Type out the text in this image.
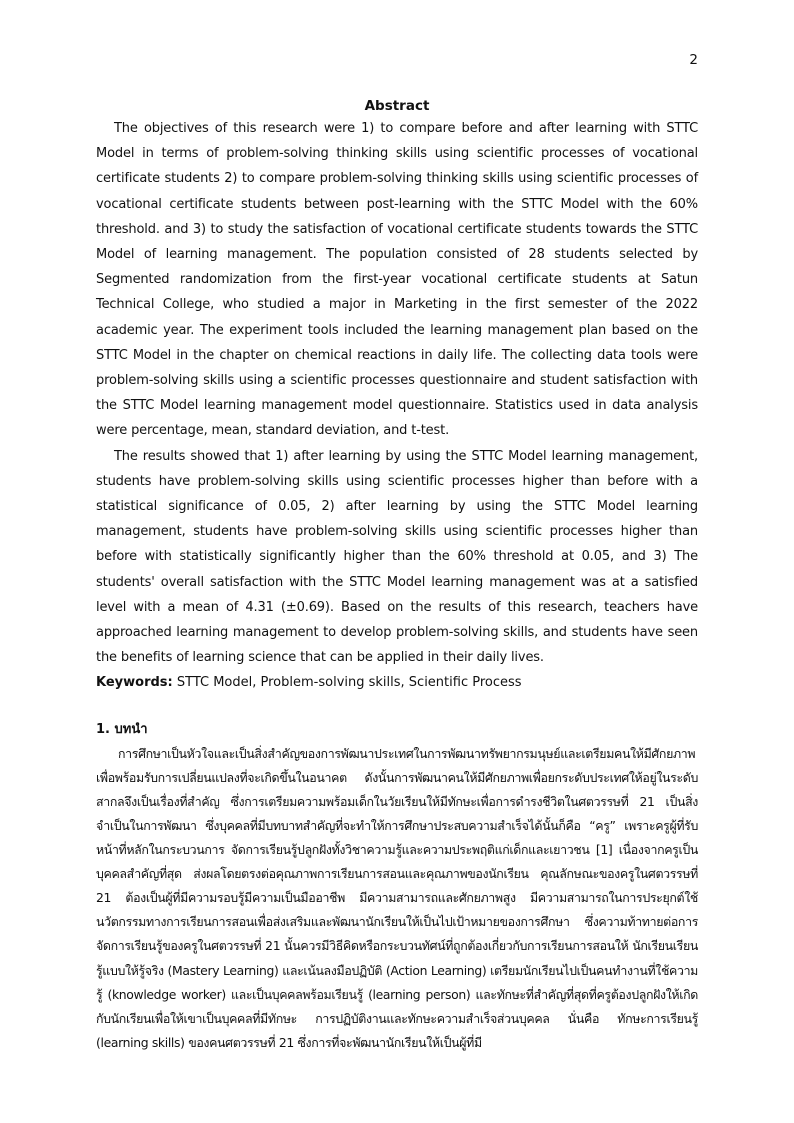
2
Abstract

The objectives of this research were 1) to compare before and after learning with STTC Model in terms of problem-solving thinking skills using scientific processes of vocational certificate students 2) to compare problem-solving thinking skills using scientific processes of vocational certificate students between post-learning with the STTC Model with the 60% threshold. and 3) to study the satisfaction of vocational certificate students towards the STTC Model of learning management. The population consisted of 28 students selected by Segmented randomization from the first-year vocational certificate students at Satun Technical College, who studied a major in Marketing in the first semester of the 2022 academic year. The experiment tools included the learning management plan based on the STTC Model in the chapter on chemical reactions in daily life. The collecting data tools were problem-solving skills using a scientific processes questionnaire and student satisfaction with the STTC Model learning management model questionnaire. Statistics used in data analysis were percentage, mean, standard deviation, and t-test.

The results showed that 1) after learning by using the STTC Model learning management, students have problem-solving skills using scientific processes higher than before with a statistical significance of 0.05, 2) after learning by using the STTC Model learning management, students have problem-solving skills using scientific processes higher than before with statistically significantly higher than the 60% threshold at 0.05, and 3) The students' overall satisfaction with the STTC Model learning management was at a satisfied level with a mean of 4.31 (±0.69). Based on the results of this research, teachers have approached learning management to develop problem-solving skills, and students have seen the benefits of learning science that can be applied in their daily lives.

Keywords: STTC Model, Problem-solving skills, Scientific Process

1. บทนำ

การศึกษาเป็นหัวใจและเป็นสิ่งสำคัญของการพัฒนาประเทศในการพัฒนาทรัพยากรมนุษย์และเตรียมคนให้มีศักยภาพเพื่อพร้อมรับการเปลี่ยนแปลงที่จะเกิดขึ้นในอนาคต ดังนั้นการพัฒนาคนให้มีศักยภาพเพื่อยกระดับประเทศให้อยู่ในระดับสากลจึงเป็นเรื่องที่สำคัญ ซึ่งการเตรียมความพร้อมเด็กในวัยเรียนให้มีทักษะเพื่อการดำรงชีวิตในศตวรรษที่ 21 เป็นสิ่งจำเป็นในการพัฒนา ซึ่งบุคคลที่มีบทบาทสำคัญที่จะทำให้การศึกษาประสบความสำเร็จได้นั้นก็คือ “ครู” เพราะครูผู้ที่รับหน้าที่หลักในกระบวนการ จัดการเรียนรู้ปลูกฝังทั้งวิชาความรู้และความประพฤติแก่เด็กและเยาวชน [1] เนื่องจากครูเป็นบุคคลสำคัญที่สุด ส่งผลโดยตรงต่อคุณภาพการเรียนการสอนและคุณภาพของนักเรียน คุณลักษณะของครูในศตวรรษที่ 21 ต้องเป็นผู้ที่มีความรอบรู้มีความเป็นมืออาชีพ มีความสามารถและศักยภาพสูง มีความสามารถในการประยุกต์ใช้นวัตกรรมทางการเรียนการสอนเพื่อส่งเสริมและพัฒนานักเรียนให้เป็นไปเป้าหมายของการศึกษา ซึ่งความท้าทายต่อการจัดการเรียนรู้ของครูในศตวรรษที่ 21 นั้นควรมีวิธีคิดหรือกระบวนทัศน์ที่ถูกต้องเกี่ยวกับการเรียนการสอนให้ นักเรียนเรียนรู้แบบให้รู้จริง (Mastery Learning) และเน้นลงมือปฏิบัติ (Action Learning) เตรียมนักเรียนไปเป็นคนทำงานที่ใช้ความรู้ (knowledge worker) และเป็นบุคคลพร้อมเรียนรู้ (learning person) และทักษะที่สำคัญที่สุดที่ครูต้องปลูกฝังให้เกิดกับนักเรียนเพื่อให้เขาเป็นบุคคลที่มีทักษะ การปฏิบัติงานและทักษะความสำเร็จส่วนบุคคล นั่นคือ ทักษะการเรียนรู้ (learning skills) ของคนศตวรรษที่ 21 ซึ่งการที่จะพัฒนานักเรียนให้เป็นผู้ที่มี
